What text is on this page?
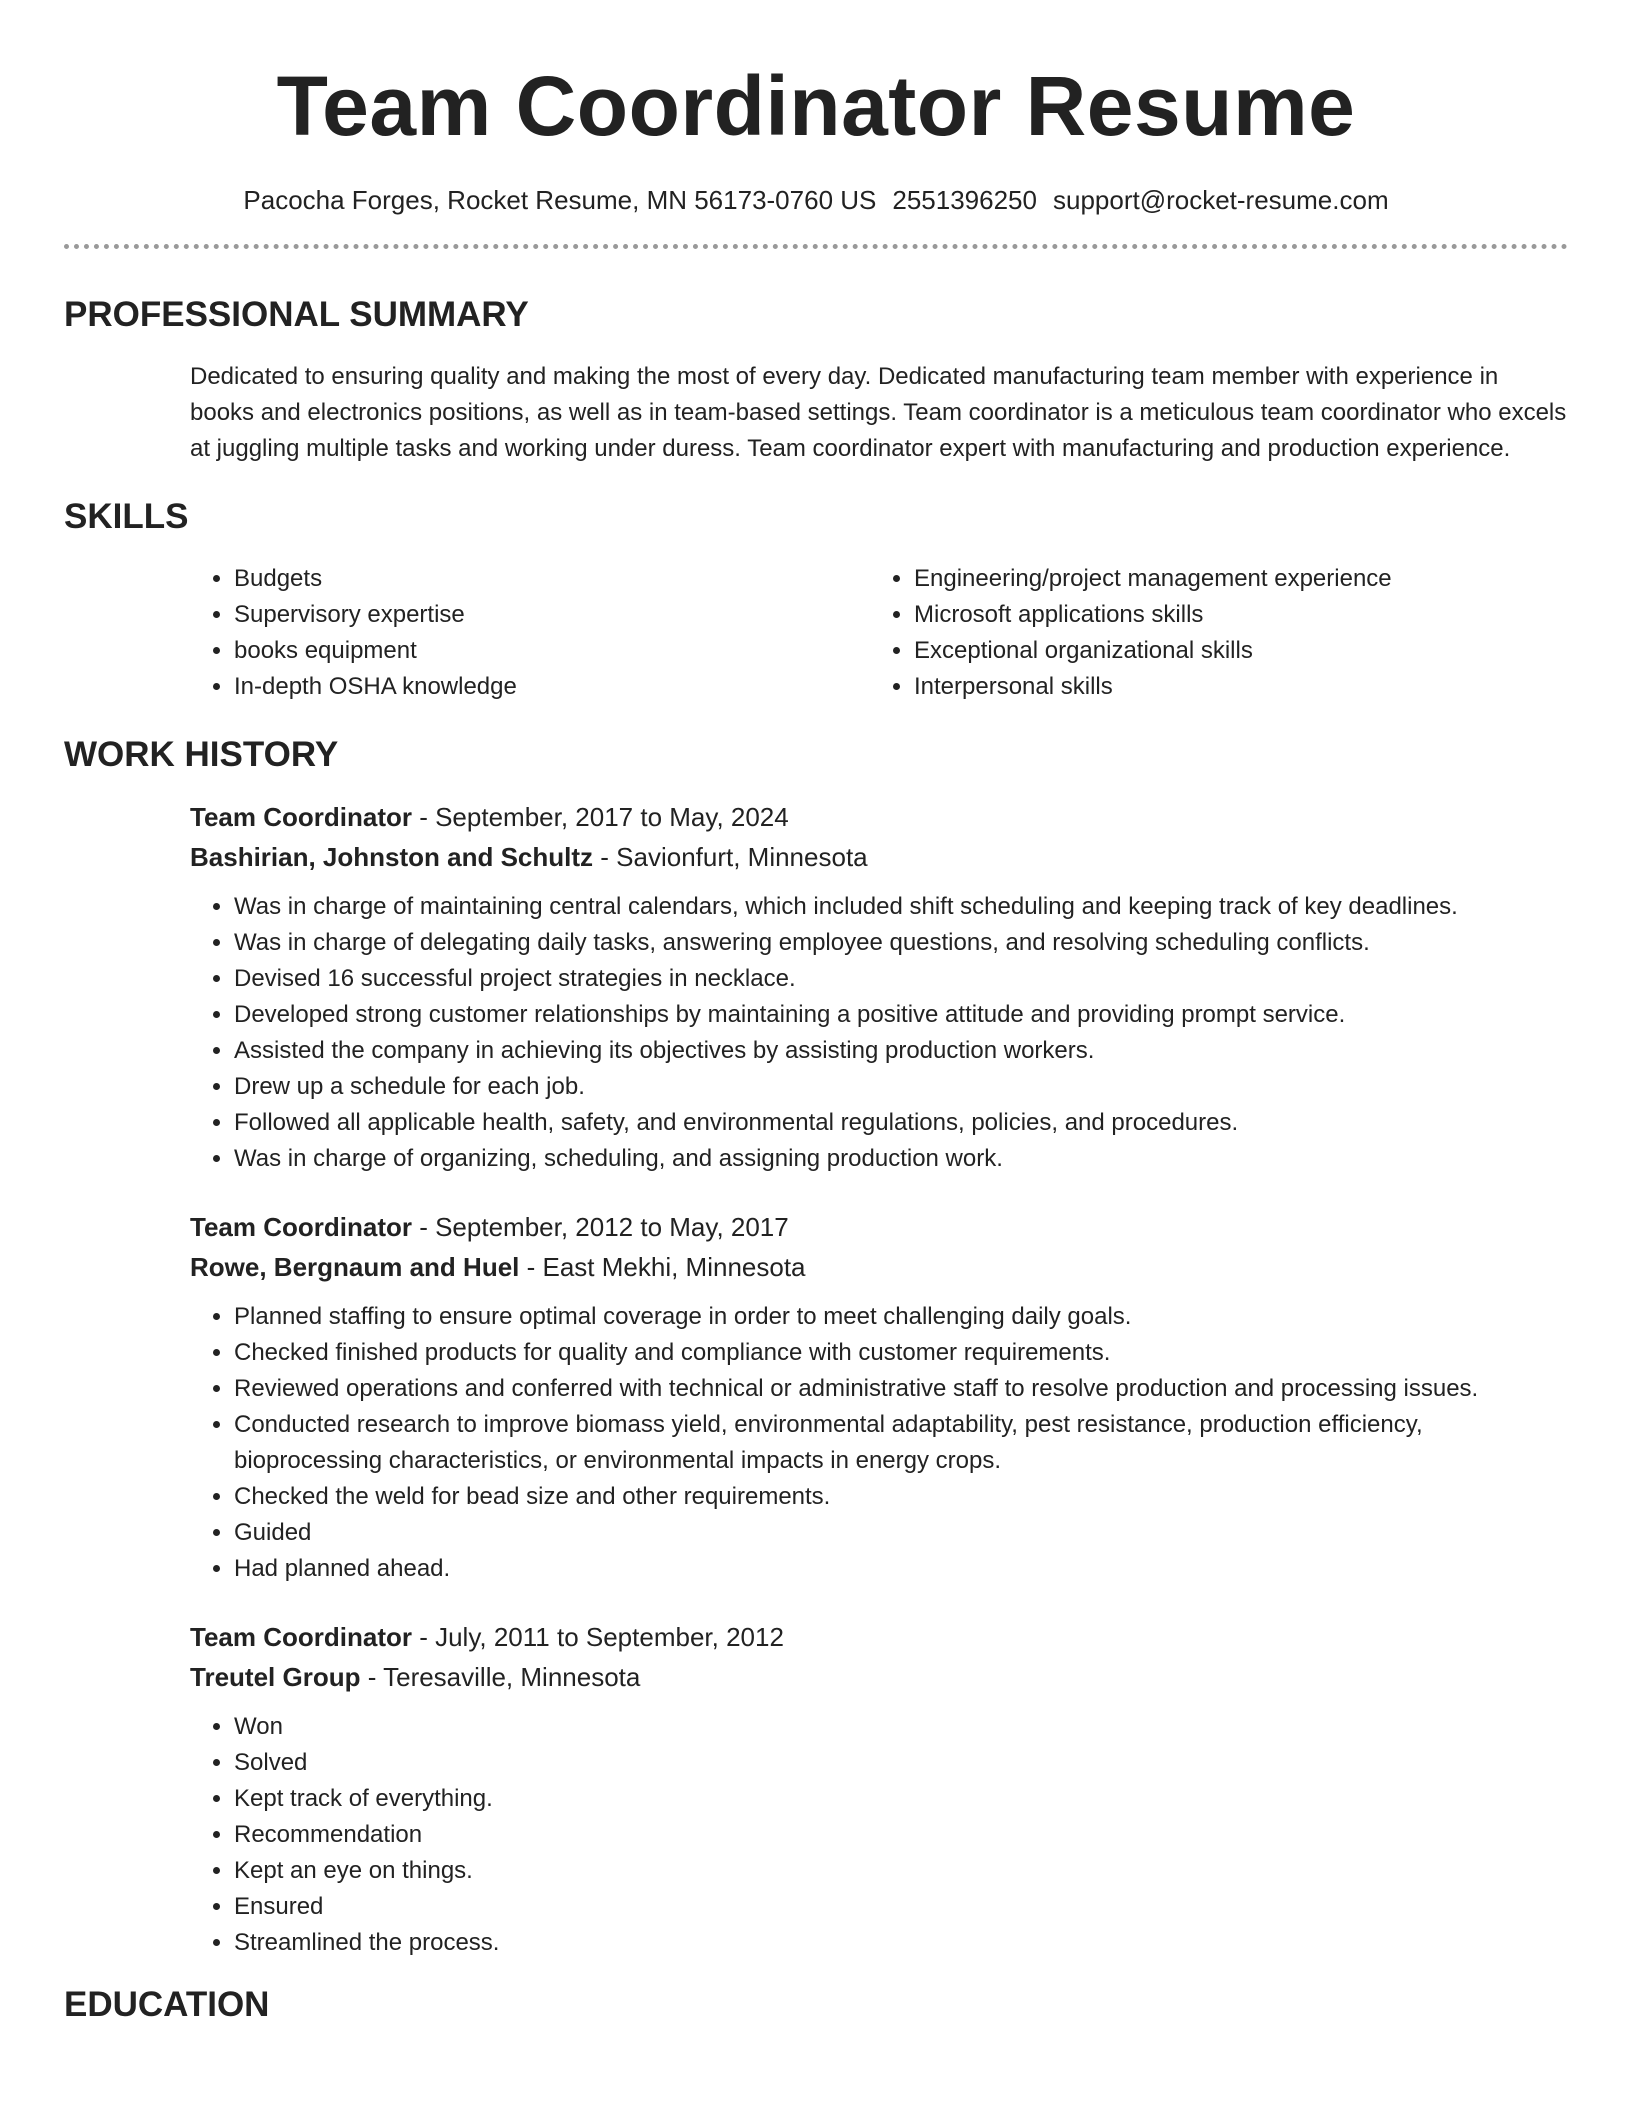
Team Coordinator Resume
Pacocha Forges, Rocket Resume, MN 56173-0760 US 2551396250 support@rocket-resume.com
PROFESSIONAL SUMMARY
Dedicated to ensuring quality and making the most of every day. Dedicated manufacturing team member with experience in books and electronics positions, as well as in team-based settings. Team coordinator is a meticulous team coordinator who excels at juggling multiple tasks and working under duress. Team coordinator expert with manufacturing and production experience.
SKILLS
• Budgets
• Supervisory expertise
• books equipment
• In-depth OSHA knowledge
• Engineering/project management experience
• Microsoft applications skills
• Exceptional organizational skills
• Interpersonal skills
WORK HISTORY
Team Coordinator - September, 2017 to May, 2024
Bashirian, Johnston and Schultz - Savionfurt, Minnesota
• Was in charge of maintaining central calendars, which included shift scheduling and keeping track of key deadlines.
• Was in charge of delegating daily tasks, answering employee questions, and resolving scheduling conflicts.
• Devised 16 successful project strategies in necklace.
• Developed strong customer relationships by maintaining a positive attitude and providing prompt service.
• Assisted the company in achieving its objectives by assisting production workers.
• Drew up a schedule for each job.
• Followed all applicable health, safety, and environmental regulations, policies, and procedures.
• Was in charge of organizing, scheduling, and assigning production work.
Team Coordinator - September, 2012 to May, 2017
Rowe, Bergnaum and Huel - East Mekhi, Minnesota
• Planned staffing to ensure optimal coverage in order to meet challenging daily goals.
• Checked finished products for quality and compliance with customer requirements.
• Reviewed operations and conferred with technical or administrative staff to resolve production and processing issues.
• Conducted research to improve biomass yield, environmental adaptability, pest resistance, production efficiency, bioprocessing characteristics, or environmental impacts in energy crops.
• Checked the weld for bead size and other requirements.
• Guided
• Had planned ahead.
Team Coordinator - July, 2011 to September, 2012
Treutel Group - Teresaville, Minnesota
• Won
• Solved
• Kept track of everything.
• Recommendation
• Kept an eye on things.
• Ensured
• Streamlined the process.
EDUCATION
